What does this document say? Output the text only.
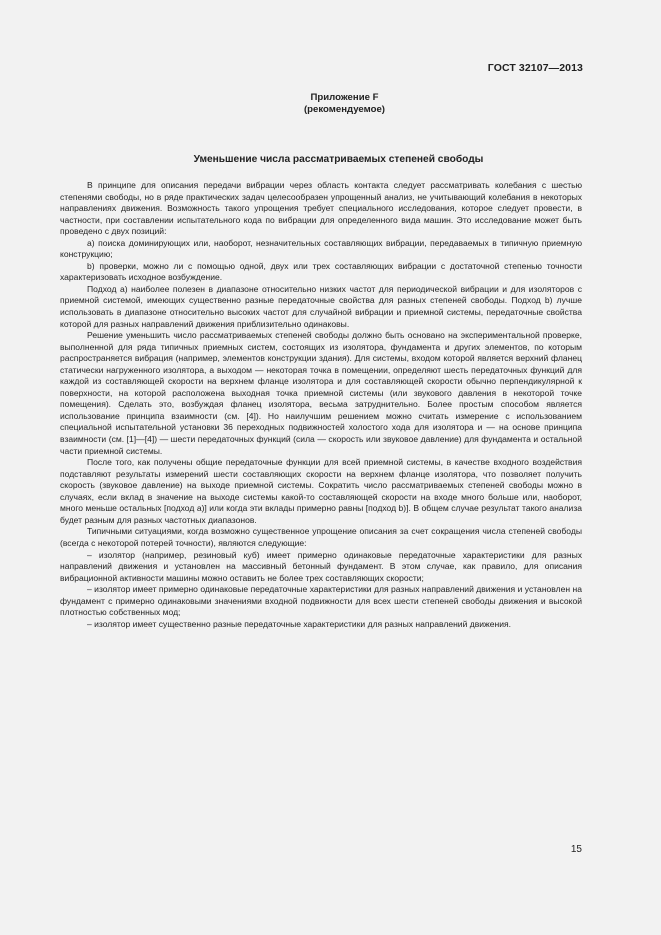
ГОСТ 32107—2013
Приложение F
(рекомендуемое)
Уменьшение числа рассматриваемых степеней свободы

В принципе для описания передачи вибрации через область контакта следует рассматривать колебания с шестью степенями свободы, но в ряде практических задач целесообразен упрощенный анализ, не учитывающий колебания в некоторых направлениях движения. Возможность такого упрощения требует специального исследования, которое следует провести, в частности, при составлении испытательного кода по вибрации для определенного вида машин. Это исследование может быть проведено с двух позиций:

a) поиска доминирующих или, наоборот, незначительных составляющих вибрации, передаваемых в типичную приемную конструкцию;

b) проверки, можно ли с помощью одной, двух или трех составляющих вибрации с достаточной степенью точности характеризовать исходное возбуждение.

Подход a) наиболее полезен в диапазоне относительно низких частот для периодической вибрации и для изоляторов с приемной системой, имеющих существенно разные передаточные свойства для разных степеней свободы. Подход b) лучше использовать в диапазоне относительно высоких частот для случайной вибрации и приемной системы, передаточные свойства которой для разных направлений движения приблизительно одинаковы.

Решение уменьшить число рассматриваемых степеней свободы должно быть основано на экспериментальной проверке, выполненной для ряда типичных приемных систем, состоящих из изолятора, фундамента и других элементов, по которым распространяется вибрация (например, элементов конструкции здания). Для системы, входом которой является верхний фланец статически нагруженного изолятора, а выходом — некоторая точка в помещении, определяют шесть передаточных функций для каждой из составляющей скорости на верхнем фланце изолятора и для составляющей скорости обычно перпендикулярной к поверхности, на которой расположена выходная точка приемной системы (или звукового давления в некоторой точке помещения). Сделать это, возбуждая фланец изолятора, весьма затруднительно. Более простым способом является использование принципа взаимности (см. [4]). Но наилучшим решением можно считать измерение с использованием специальной испытательной установки 36 переходных подвижностей холостого хода для изолятора и — на основе принципа взаимности (см. [1]—[4]) — шести передаточных функций (сила — скорость или звуковое давление) для фундамента и остальной части приемной системы.

После того, как получены общие передаточные функции для всей приемной системы, в качестве входного воздействия подставляют результаты измерений шести составляющих скорости на верхнем фланце изолятора, что позволяет получить скорость (звуковое давление) на выходе приемной системы. Сократить число рассматриваемых степеней свободы можно в случаях, если вклад в значение на выходе системы какой-то составляющей скорости на входе много больше или, наоборот, много меньше остальных [подход a)] или когда эти вклады примерно равны [подход b)]. В общем случае результат такого анализа будет разным для разных частотных диапазонов.

Типичными ситуациями, когда возможно существенное упрощение описания за счет сокращения числа степеней свободы (всегда с некоторой потерей точности), являются следующие:

– изолятор (например, резиновый куб) имеет примерно одинаковые передаточные характеристики для разных направлений движения и установлен на массивный бетонный фундамент. В этом случае, как правило, для описания вибрационной активности машины можно оставить не более трех составляющих скорости;

– изолятор имеет примерно одинаковые передаточные характеристики для разных направлений движения и установлен на фундамент с примерно одинаковыми значениями входной подвижности для всех шести степеней свободы движения и высокой плотностью собственных мод;

– изолятор имеет существенно разные передаточные характеристики для разных направлений движения.

15
